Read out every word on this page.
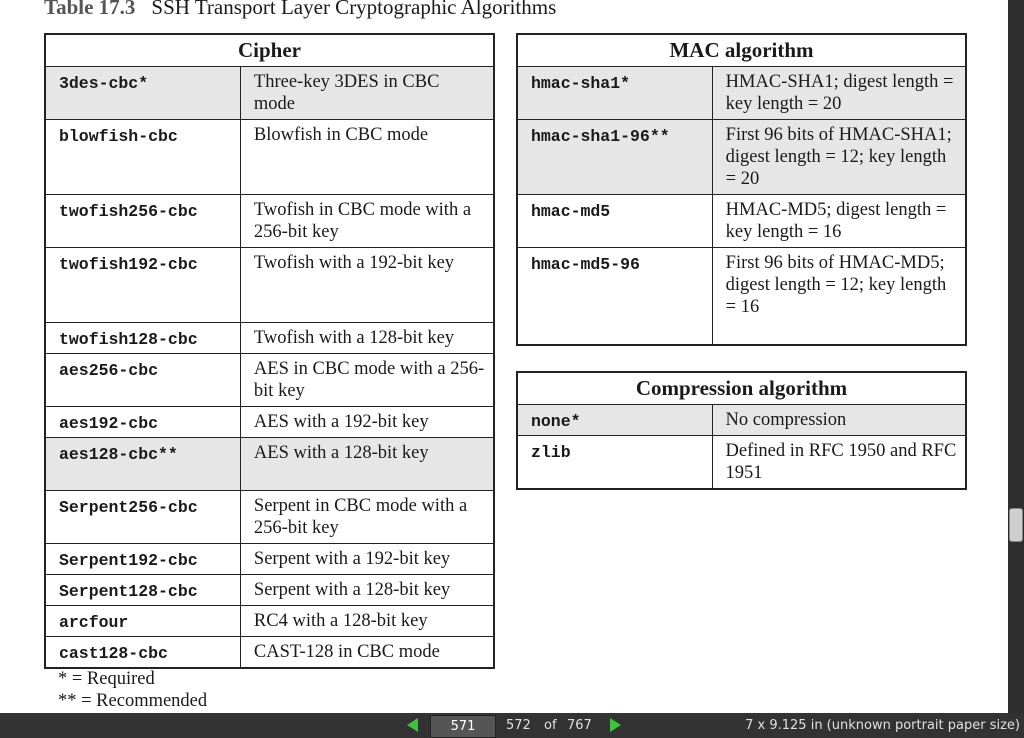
Table 17.3 SSH Transport Layer Cryptographic Algorithms
Cipher	
3des-cbc*	Three-key 3DES in CBC mode
blowfish-cbc	Blowfish in CBC mode
twofish256-cbc	Twofish in CBC mode with a 256-bit key
twofish192-cbc	Twofish with a 192-bit key
twofish128-cbc	Twofish with a 128-bit key
aes256-cbc	AES in CBC mode with a 256-bit key
aes192-cbc	AES with a 192-bit key
aes128-cbc**	AES with a 128-bit key
Serpent256-cbc	Serpent in CBC mode with a 256-bit key
Serpent192-cbc	Serpent with a 192-bit key
Serpent128-cbc	Serpent with a 128-bit key
arcfour	RC4 with a 128-bit key
cast128-cbc	CAST-128 in CBC mode
MAC algorithm	
hmac-sha1*	HMAC-SHA1; digest length = key length = 20
hmac-sha1-96**	First 96 bits of HMAC-SHA1; digest length = 12; key length = 20
hmac-md5	HMAC-MD5; digest length = key length = 16
hmac-md5-96	First 96 bits of HMAC-MD5; digest length = 12; key length = 16
Compression algorithm	
none*	No compression
zlib	Defined in RFC 1950 and RFC 1951
* = Required
** = Recommended
571	572 of 767	7 x 9.125 in (unknown portrait paper size)
